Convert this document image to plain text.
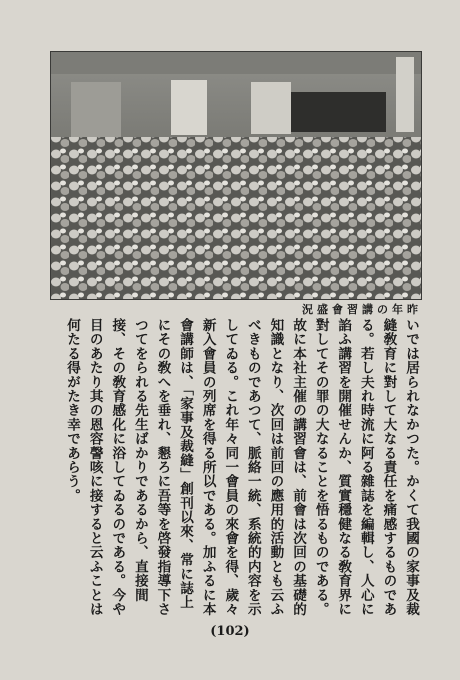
況盛會習講の年昨

いでは居られなかつた。かくて我國の家事及裁縫敎育に對して大なる責任を痛感するものである。若し夫れ時流に阿る雜誌を編輯し、人心に諂ふ講習を開催せんか、質實穩健なる敎育界に對してその罪の大なることを悟るものである。故に本社主催の講習會は、前會は次回の基礎的知識となり、次回は前回の應用的活動とも云ふべきものであつて、脈絡一統、系統的内容を示してゐる。これ年々同一會員の來會を得、歲々新入會員の列席を得る所以である。加ふるに本會講師は、「家事及裁縫」創刊以來、常に誌上にその敎へを垂れ、懇ろに吾等を啓發指導下さつてをられる先生ばかりであるから、直接間接、その敎育感化に浴してゐるのである。今や目のあたり其の恩容謦咳に接すると云ふことは何たる得がたき幸であらう。

(102)
